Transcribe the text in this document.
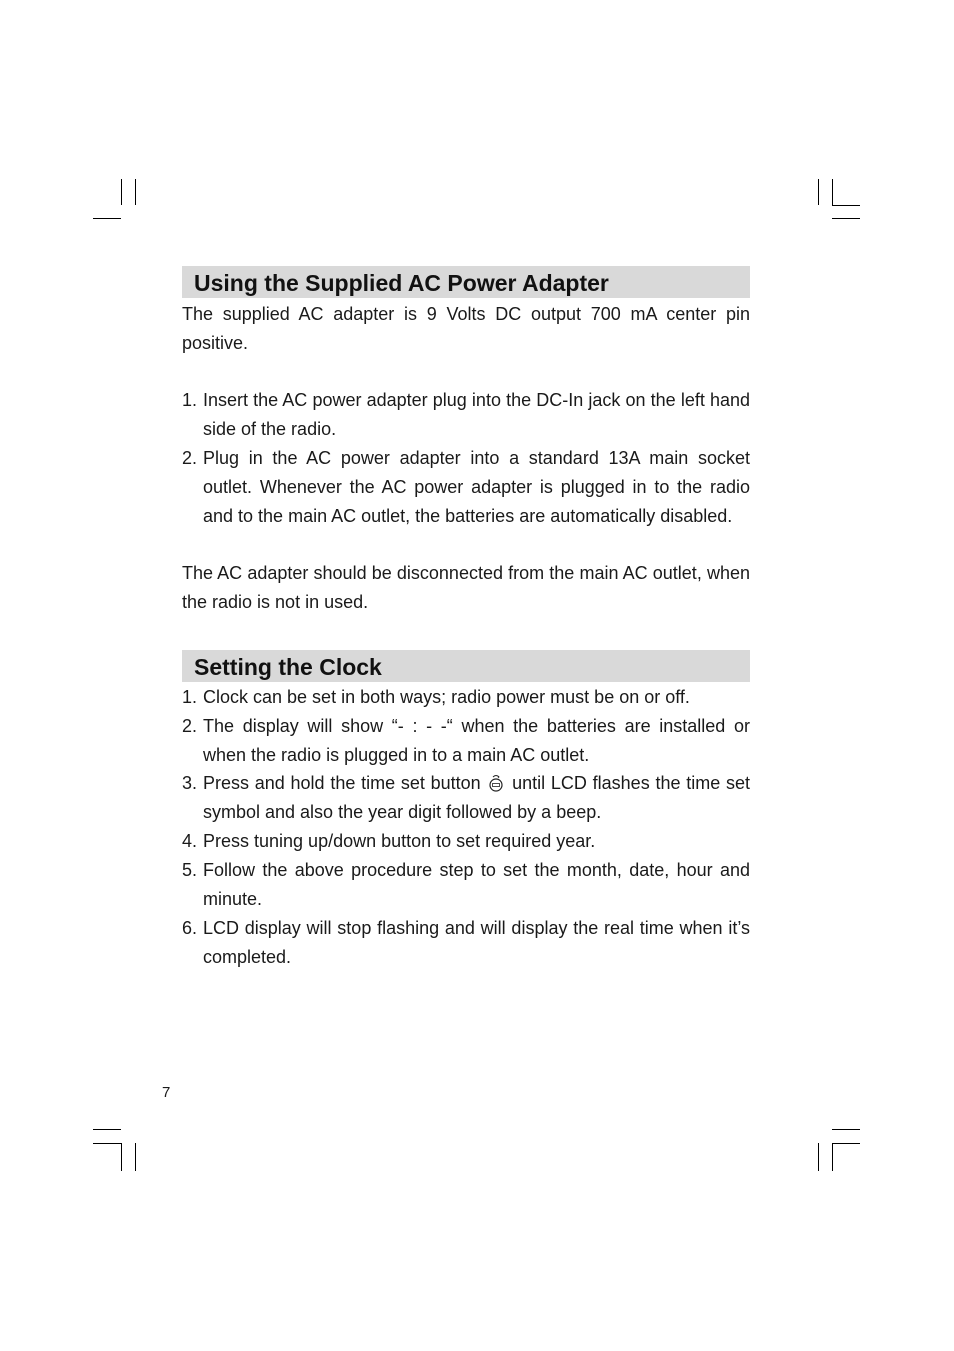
Using the Supplied AC Power Adapter

The supplied AC adapter is 9 Volts DC output 700 mA center pin positive.

1. Insert the AC power adapter plug into the DC-In jack on the left hand side of the radio.
2. Plug in the AC power adapter into a standard 13A main socket outlet. Whenever the AC power adapter is plugged in to the radio and to the main AC outlet, the batteries are automatically disabled.

The AC adapter should be disconnected from the main AC outlet, when the radio is not in used.

Setting the Clock
1. Clock can be set in both ways; radio power must be on or off.
2. The display will show “- : - -“ when the batteries are installed or when the radio is plugged in to a main AC outlet.
3. Press and hold the time set button until LCD flashes the time set symbol and also the year digit followed by a beep.
4. Press tuning up/down button to set required year.
5. Follow the above procedure step to set the month, date, hour and minute.
6. LCD display will stop flashing and will display the real time when it’s completed.
7
